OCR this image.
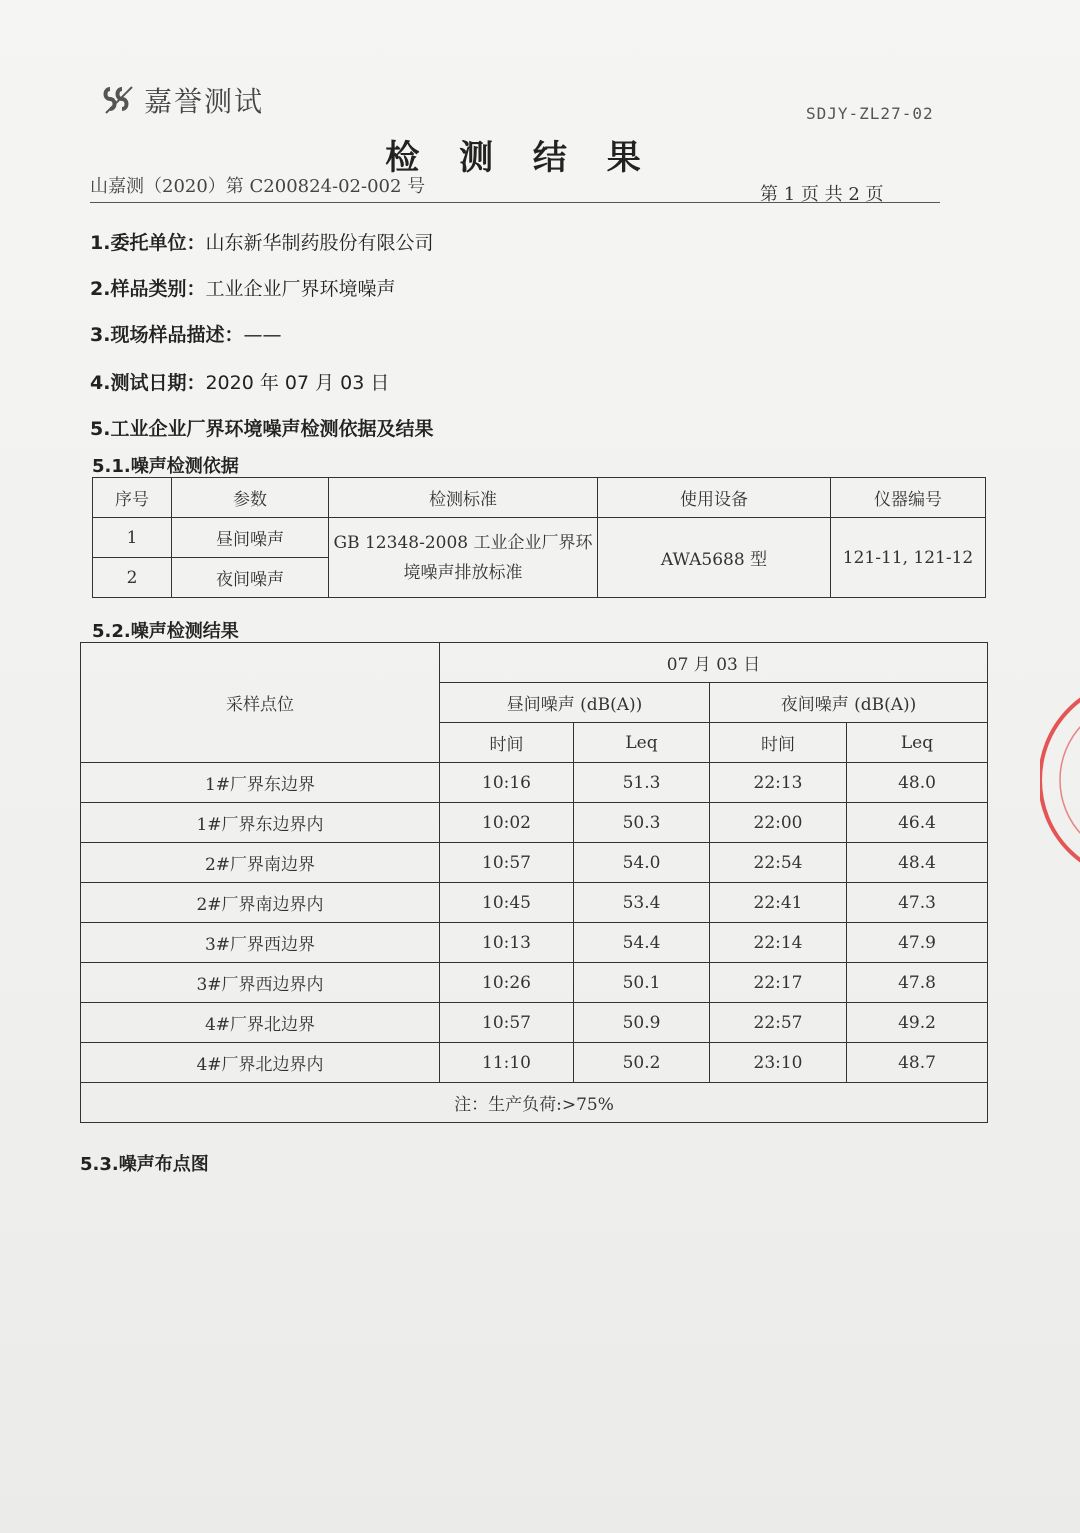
嘉誉测试	SDJY-ZL27-02
检 测 结 果
山嘉测（2020）第 C200824-02-002 号	第 1 页 共 2 页
1.委托单位：山东新华制药股份有限公司
2.样品类别：工业企业厂界环境噪声
3.现场样品描述：——
4.测试日期：2020 年 07 月 03 日
5.工业企业厂界环境噪声检测依据及结果
5.1.噪声检测依据
序号	参数	检测标准	使用设备	仪器编号
1	昼间噪声	GB 12348-2008 工业企业厂界环境噪声排放标准	AWA5688 型	121-11, 121-12
2	夜间噪声			
5.2.噪声检测结果
采样点位	07 月 03 日			
	昼间噪声 (dB(A))		夜间噪声 (dB(A))	
	时间	Leq	时间	Leq
1#厂界东边界	10:16	51.3	22:13	48.0
1#厂界东边界内	10:02	50.3	22:00	46.4
2#厂界南边界	10:57	54.0	22:54	48.4
2#厂界南边界内	10:45	53.4	22:41	47.3
3#厂界西边界	10:13	54.4	22:14	47.9
3#厂界西边界内	10:26	50.1	22:17	47.8
4#厂界北边界	10:57	50.9	22:57	49.2
4#厂界北边界内	11:10	50.2	23:10	48.7
注：生产负荷:>75%				
5.3.噪声布点图
